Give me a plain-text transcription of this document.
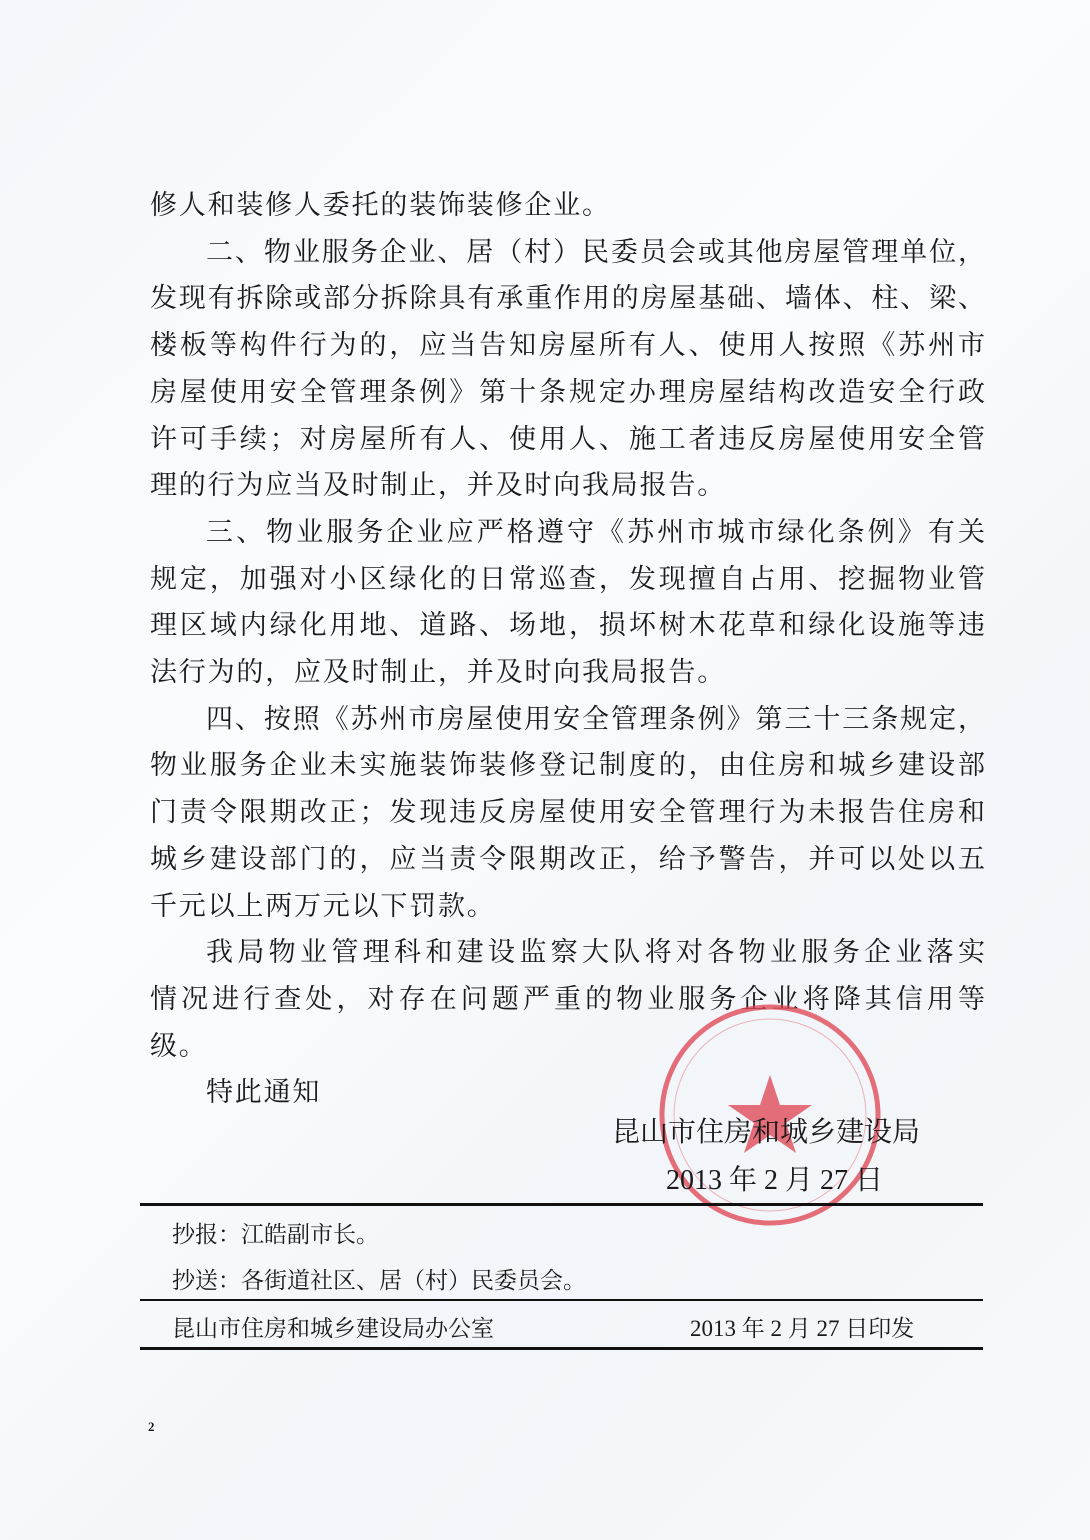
修人和装修人委托的装饰装修企业。
二、物业服务企业、居（村）民委员会或其他房屋管理单位，
发现有拆除或部分拆除具有承重作用的房屋基础、墙体、柱、梁、
楼板等构件行为的，应当告知房屋所有人、使用人按照《苏州市
房屋使用安全管理条例》第十条规定办理房屋结构改造安全行政
许可手续；对房屋所有人、使用人、施工者违反房屋使用安全管
理的行为应当及时制止，并及时向我局报告。
三、物业服务企业应严格遵守《苏州市城市绿化条例》有关
规定，加强对小区绿化的日常巡查，发现擅自占用、挖掘物业管
理区域内绿化用地、道路、场地，损坏树木花草和绿化设施等违
法行为的，应及时制止，并及时向我局报告。
四、按照《苏州市房屋使用安全管理条例》第三十三条规定，
物业服务企业未实施装饰装修登记制度的，由住房和城乡建设部
门责令限期改正；发现违反房屋使用安全管理行为未报告住房和
城乡建设部门的，应当责令限期改正，给予警告，并可以处以五
千元以上两万元以下罚款。
我局物业管理科和建设监察大队将对各物业服务企业落实
情况进行查处，对存在问题严重的物业服务企业将降其信用等
级。
特此通知
昆山市住房和城乡建设局
2013 年 2 月 27 日
抄报：江皓副市长。
抄送：各街道社区、居（村）民委员会。
昆山市住房和城乡建设局办公室	2013 年 2 月 27 日印发
2
